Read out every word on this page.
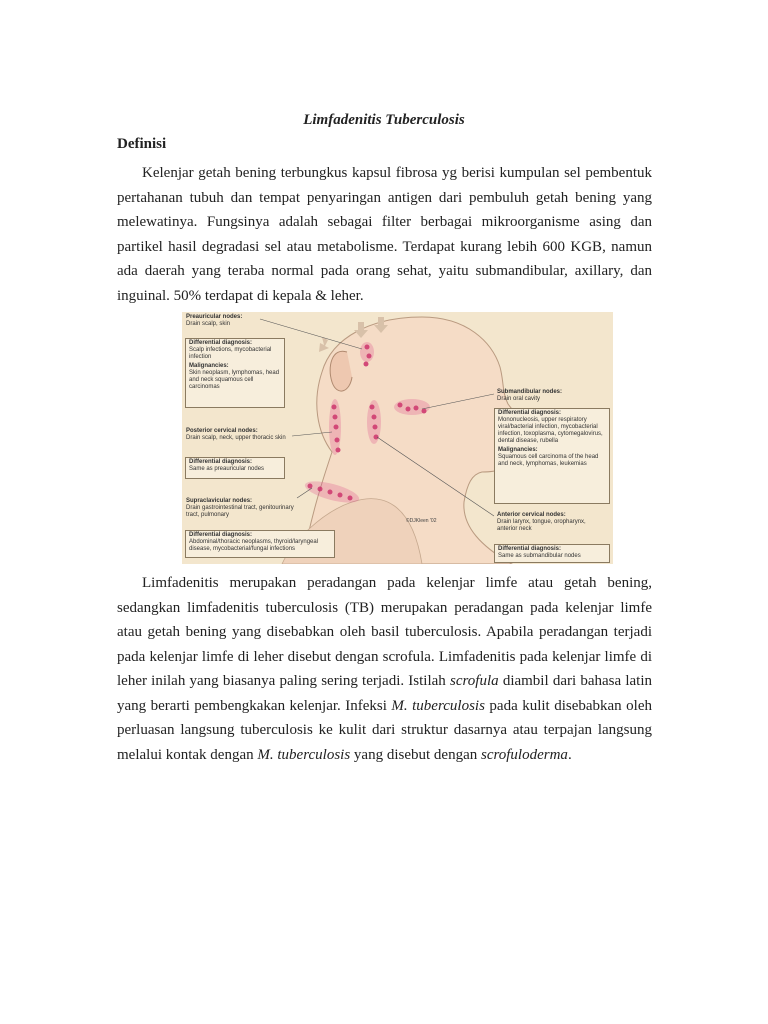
Limfadenitis Tuberculosis
Definisi
Kelenjar getah bening terbungkus kapsul fibrosa yg berisi kumpulan sel pembentuk pertahanan tubuh dan tempat penyaringan antigen dari pembuluh getah bening yang melewatinya. Fungsinya adalah sebagai filter berbagai mikroorganisme asing dan partikel hasil degradasi sel atau metabolisme. Terdapat kurang lebih 600 KGB, namun ada daerah yang teraba normal pada orang sehat, yaitu submandibular, axillary, dan inguinal. 50% terdapat di kepala & leher.
Preauricular nodes:
Drain scalp, skin
Differential diagnosis:
Scalp infections, mycobacterial infection
Malignancies:
Skin neoplasm, lymphomas, head and neck squamous cell carcinomas
Posterior cervical nodes:
Drain scalp, neck, upper thoracic skin
Differential diagnosis:
Same as preauricular nodes
Supraclavicular nodes:
Drain gastrointestinal tract, genitourinary tract, pulmonary
Differential diagnosis:
Abdominal/thoracic neoplasms, thyroid/laryngeal disease, mycobacterial/fungal infections
Submandibular nodes:
Drain oral cavity
Differential diagnosis:
Mononucleosis, upper respiratory viral/bacterial infection, mycobacterial infection, toxoplasma, cytomegalovirus, dental disease, rubella
Malignancies:
Squamous cell carcinoma of the head and neck, lymphomas, leukemias
Anterior cervical nodes:
Drain larynx, tongue, oropharynx, anterior neck
Differential diagnosis:
Same as submandibular nodes
©DJKleen '02
Limfadenitis merupakan peradangan pada kelenjar limfe atau getah bening, sedangkan limfadenitis tuberculosis (TB) merupakan peradangan pada kelenjar limfe atau getah bening yang disebabkan oleh basil tuberculosis. Apabila peradangan terjadi pada kelenjar limfe di leher disebut dengan scrofula. Limfadenitis pada kelenjar limfe di leher inilah yang biasanya paling sering terjadi. Istilah scrofula diambil dari bahasa latin yang berarti pembengkakan kelenjar. Infeksi M. tuberculosis pada kulit disebabkan oleh perluasan langsung tuberculosis ke kulit dari struktur dasarnya atau terpajan langsung melalui kontak dengan M. tuberculosis yang disebut dengan scrofuloderma.
